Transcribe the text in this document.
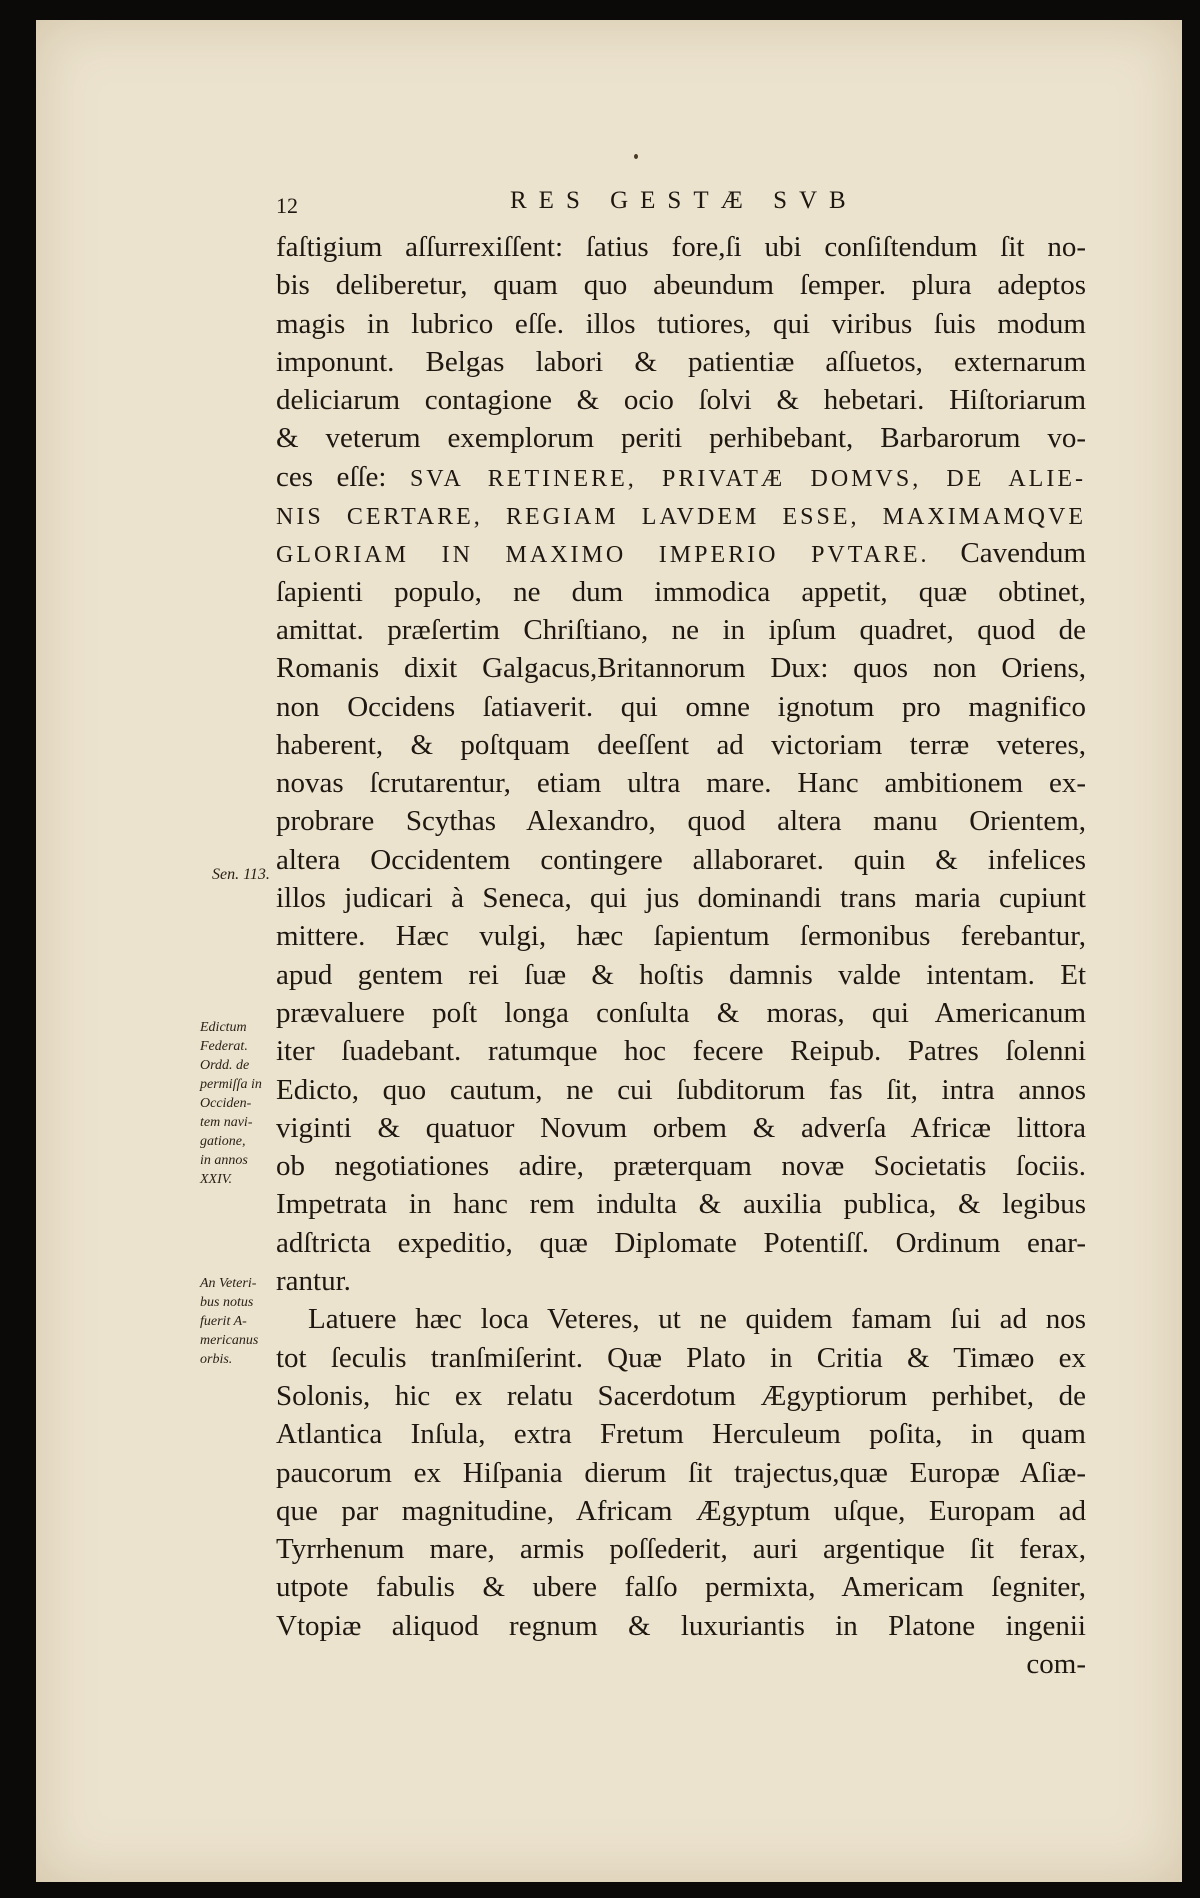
12	RES GESTÆ SVB
faſtigium aſſurrexiſſent: ſatius fore,ſi ubi conſiſtendum ſit no-
bis deliberetur, quam quo abeundum ſemper. plura adeptos
magis in lubrico eſſe. illos tutiores, qui viribus ſuis modum
imponunt. Belgas labori & patientiæ aſſuetos, externarum
deliciarum contagione & ocio ſolvi & hebetari. Hiſtoriarum
& veterum exemplorum periti perhibebant, Barbarorum vo-
ces eſſe: SVA RETINERE, PRIVATÆ DOMVS, DE ALIE-
NIS CERTARE, REGIAM LAVDEM ESSE, MAXIMAMQVE
GLORIAM IN MAXIMO IMPERIO PVTARE. Cavendum
ſapienti populo, ne dum immodica appetit, quæ obtinet,
amittat. præſertim Chriſtiano, ne in ipſum quadret, quod de
Romanis dixit Galgacus,Britannorum Dux: quos non Oriens,
non Occidens ſatiaverit. qui omne ignotum pro magnifico
haberent, & poſtquam deeſſent ad victoriam terræ veteres,
novas ſcrutarentur, etiam ultra mare. Hanc ambitionem ex-
probrare Scythas Alexandro, quod altera manu Orientem,
altera Occidentem contingere allaboraret. quin & infelices
illos judicari à Seneca, qui jus dominandi trans maria cupiunt
mittere. Hæc vulgi, hæc ſapientum ſermonibus ferebantur,
apud gentem rei ſuæ & hoſtis damnis valde intentam. Et
prævaluere poſt longa conſulta & moras, qui Americanum
iter ſuadebant. ratumque hoc fecere Reipub. Patres ſolenni
Edicto, quo cautum, ne cui ſubditorum fas ſit, intra annos
viginti & quatuor Novum orbem & adverſa Africæ littora
ob negotiationes adire, præterquam novæ Societatis ſociis.
Impetrata in hanc rem indulta & auxilia publica, & legibus
adſtricta expeditio, quæ Diplomate Potentiſſ. Ordinum enar-
rantur.
Latuere hæc loca Veteres, ut ne quidem famam ſui ad nos
tot ſeculis tranſmiſerint. Quæ Plato in Critia & Timæo ex
Solonis, hic ex relatu Sacerdotum Ægyptiorum perhibet, de
Atlantica Inſula, extra Fretum Herculeum poſita, in quam
paucorum ex Hiſpania dierum ſit trajectus,quæ Europæ Aſiæ-
que par magnitudine, Africam Ægyptum uſque, Europam ad
Tyrrhenum mare, armis poſſederit, auri argentique ſit ferax,
utpote fabulis & ubere falſo permixta, Americam ſegniter,
Vtopiæ aliquod regnum & luxuriantis in Platone ingenii
com-
Sen. 113.
Edictum
Federat.
Ordd. de
permiſſa in
Occiden-
tem navi-
gatione,
in annos
XXIV.
An Veteri-
bus notus
fuerit A-
mericanus
orbis.
